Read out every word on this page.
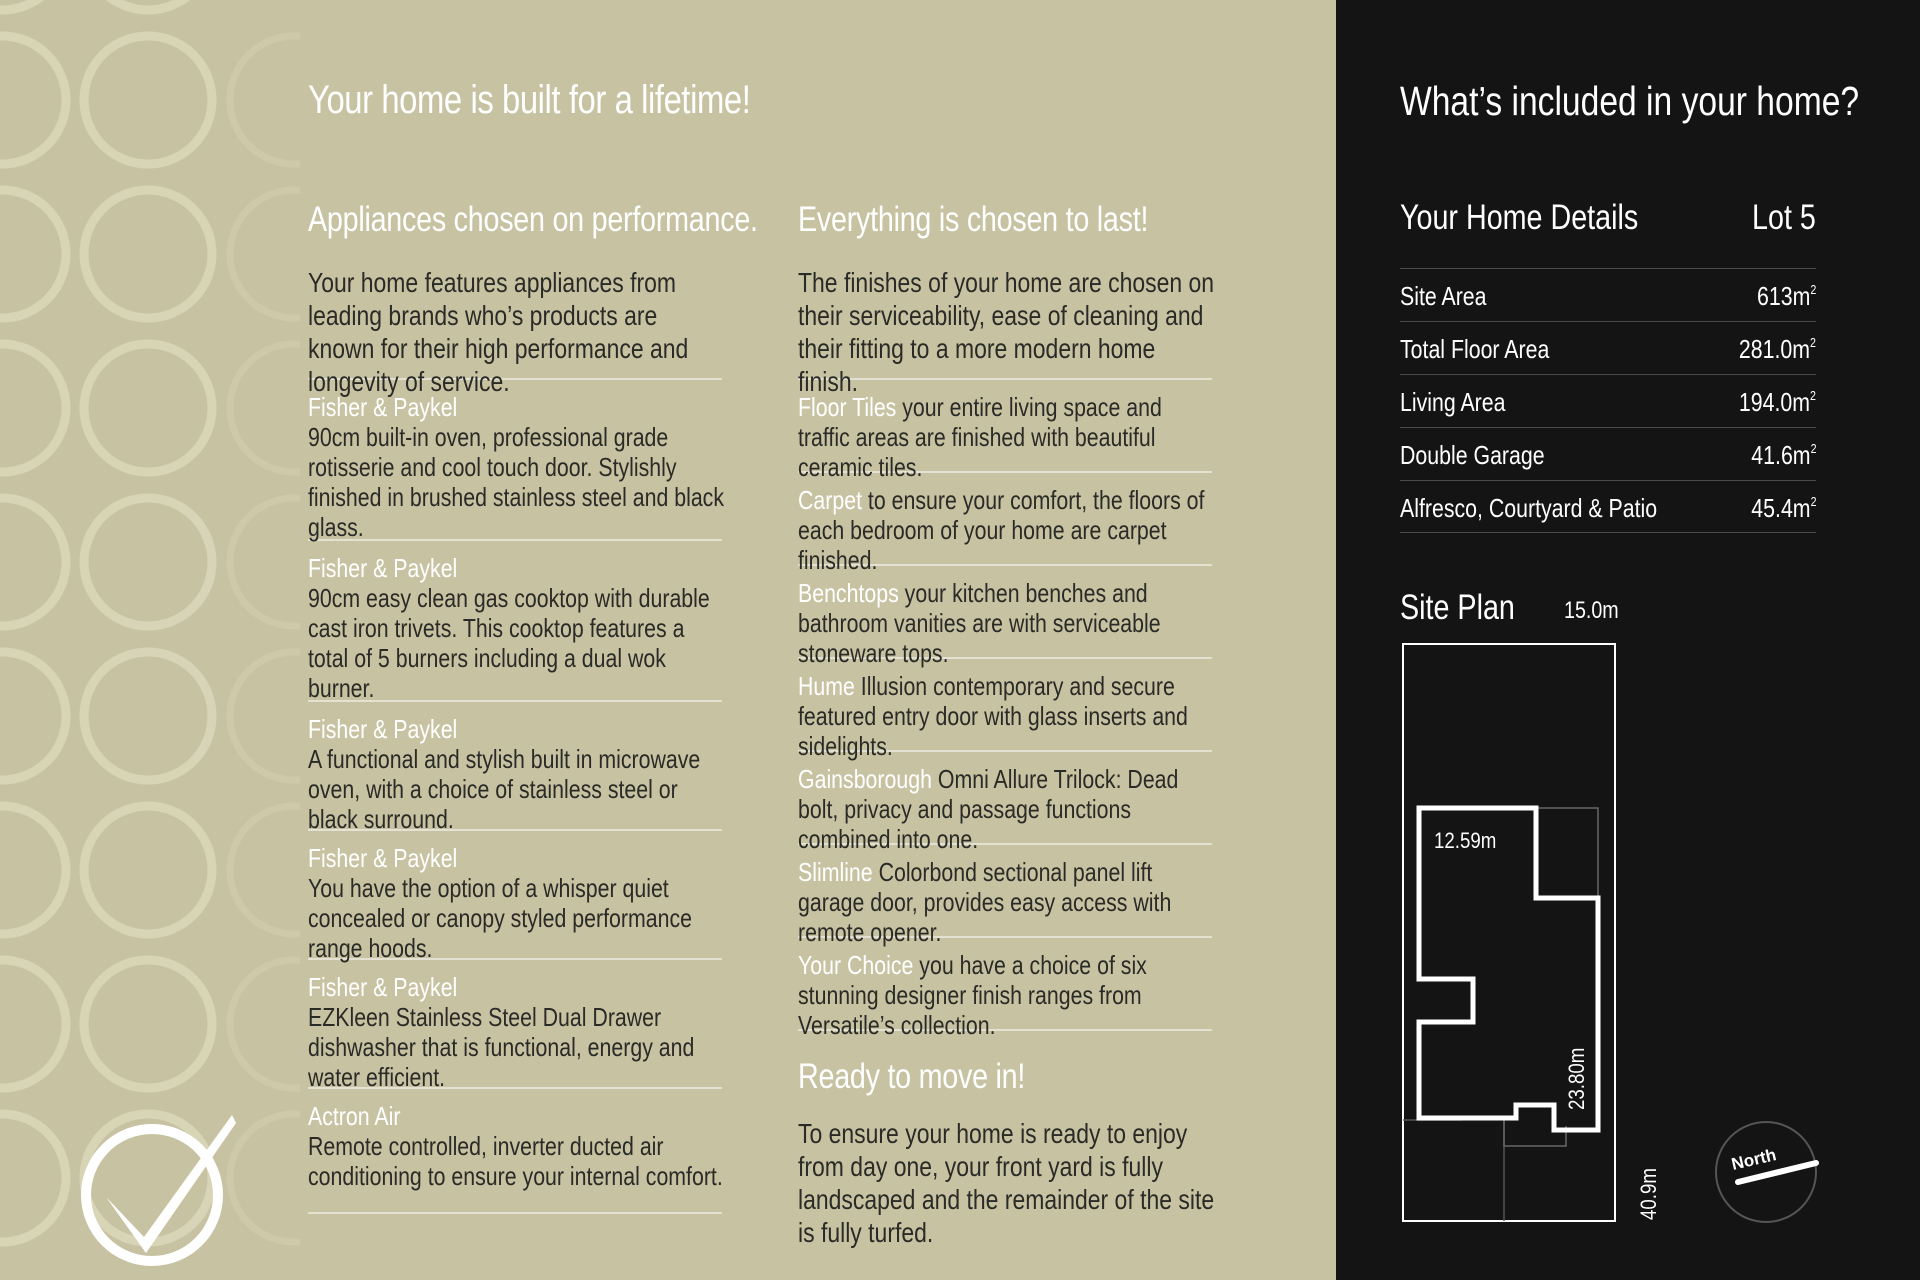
Your home is built for a lifetime!
Appliances chosen on performance.
Your home features appliances from leading brands who’s products are known for their high performance and longevity of service.
Fisher & Paykel
90cm built-in oven, professional grade rotisserie and cool touch door. Stylishly finished in brushed stainless steel and black glass.
Fisher & Paykel
90cm easy clean gas cooktop with durable cast iron trivets. This cooktop features a total of 5 burners including a dual wok burner.
Fisher & Paykel
A functional and stylish built in microwave oven, with a choice of stainless steel or black surround.
Fisher & Paykel
You have the option of a whisper quiet concealed or canopy styled performance range hoods.
Fisher & Paykel
EZKleen Stainless Steel Dual Drawer dishwasher that is functional, energy and water efficient.
Actron Air
Remote controlled, inverter ducted air conditioning to ensure your internal comfort.
Everything is chosen to last!
The finishes of your home are chosen on their serviceability, ease of cleaning and their fitting to a more modern home finish.
Floor Tiles your entire living space and traffic areas are finished with beautiful ceramic tiles.
Carpet to ensure your comfort, the floors of each bedroom of your home are carpet finished.
Benchtops your kitchen benches and bathroom vanities are with serviceable stoneware tops.
Hume Illusion contemporary and secure featured entry door with glass inserts and sidelights.
Gainsborough Omni Allure Trilock: Dead bolt, privacy and passage functions combined into one.
Slimline Colorbond sectional panel lift garage door, provides easy access with remote opener.
Your Choice you have a choice of six stunning designer finish ranges from Versatile’s collection.
Ready to move in!
To ensure your home is ready to enjoy from day one, your front yard is fully landscaped and the remainder of the site is fully turfed.
What’s included in your home?
Your Home Details	Lot 5
Site Area	$613m^2$
Total Floor Area	$281.0m^2$
Living Area	$194.0m^2$
Double Garage	$41.6m^2$
Alfresco, Courtyard & Patio	$45.4m^2$
Site Plan 15.0m
12.59m
23.80m
40.9m
North
